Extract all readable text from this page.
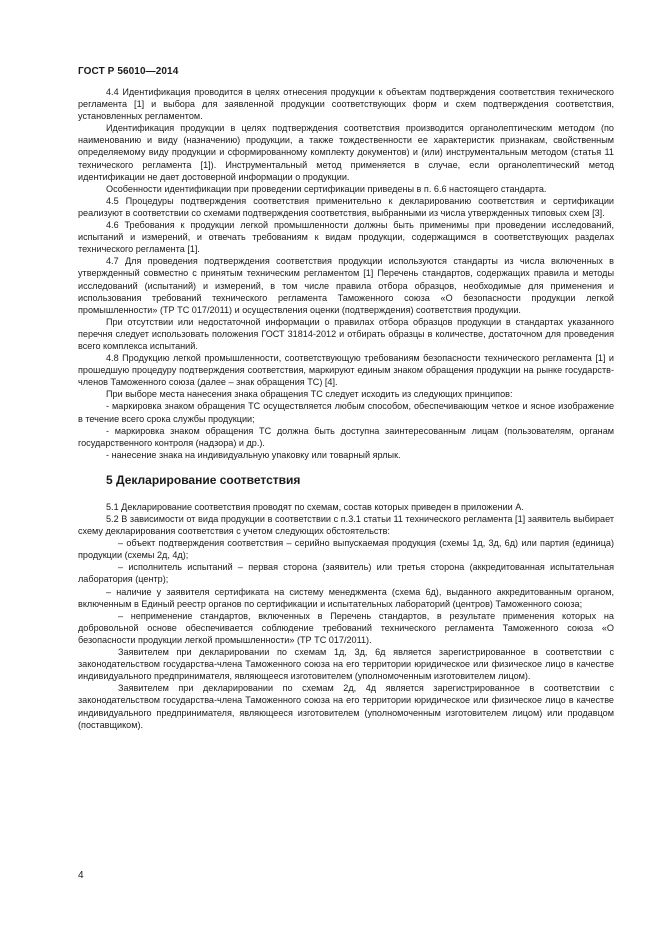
ГОСТ Р 56010—2014

4.4 Идентификация проводится в целях отнесения продукции к объектам подтверждения соответствия технического регламента [1] и выбора для заявленной продукции соответствующих форм и схем подтверждения соответствия, установленных регламентом.

Идентификация продукции в целях подтверждения соответствия производится органолептическим методом (по наименованию и виду (назначению) продукции, а также тождественности ее характеристик признакам, свойственным определяемому виду продукции и сформированному комплекту документов) и (или) инструментальным методом (статья 11 технического регламента [1]). Инструментальный метод применяется в случае, если органолептический метод идентификации не дает достоверной информации о продукции.

Особенности идентификации при проведении сертификации приведены в п. 6.6 настоящего стандарта.

4.5 Процедуры подтверждения соответствия применительно к декларированию соответствия и сертификации реализуют в соответствии со схемами подтверждения соответствия, выбранными из числа утвержденных типовых схем [3].

4.6 Требования к продукции легкой промышленности должны быть применимы при проведении исследований, испытаний и измерений, и отвечать требованиям к видам продукции, содержащимся в соответствующих разделах технического регламента [1].

4.7 Для проведения подтверждения соответствия продукции используются стандарты из числа включенных в утвержденный совместно с принятым техническим регламентом [1] Перечень стандартов, содержащих правила и методы исследований (испытаний) и измерений, в том числе правила отбора образцов, необходимые для применения и использования требований технического регламента Таможенного союза «О безопасности продукции легкой промышленности» (ТР ТС 017/2011) и осуществления оценки (подтверждения) соответствия продукции.

При отсутствии или недостаточной информации о правилах отбора образцов продукции в стандартах указанного перечня следует использовать положения ГОСТ 31814-2012 и отбирать образцы в количестве, достаточном для проведения всего комплекса испытаний.

4.8 Продукцию легкой промышленности, соответствующую требованиям безопасности технического регламента [1] и прошедшую процедуру подтверждения соответствия, маркируют единым знаком обращения продукции на рынке государств-членов Таможенного союза (далее – знак обращения ТС) [4].

При выборе места нанесения знака обращения ТС следует исходить из следующих принципов:

- маркировка знаком обращения ТС осуществляется любым способом, обеспечивающим четкое и ясное изображение в течение всего срока службы продукции;

- маркировка знаком обращения ТС должна быть доступна заинтересованным лицам (пользователям, органам государственного контроля (надзора) и др.).

- нанесение знака на индивидуальную упаковку или товарный ярлык.

5 Декларирование соответствия

5.1 Декларирование соответствия проводят по схемам, состав которых приведен в приложении А.

5.2 В зависимости от вида продукции в соответствии с п.3.1 статьи 11 технического регламента [1] заявитель выбирает схему декларирования соответствия с учетом следующих обстоятельств:

– объект подтверждения соответствия – серийно выпускаемая продукция (схемы 1д, 3д, 6д) или партия (единица) продукции (схемы 2д, 4д);

– исполнитель испытаний – первая сторона (заявитель) или третья сторона (аккредитованная испытательная лаборатория (центр);

– наличие у заявителя сертификата на систему менеджмента (схема 6д), выданного аккредитованным органом, включенным в Единый реестр органов по сертификации и испытательных лабораторий (центров) Таможенного союза;

– неприменение стандартов, включенных в Перечень стандартов, в результате применения которых на добровольной основе обеспечивается соблюдение требований технического регламента Таможенного союза «О безопасности продукции легкой промышленности» (ТР ТС 017/2011).

Заявителем при декларировании по схемам 1д, 3д, 6д является зарегистрированное в соответствии с законодательством государства-члена Таможенного союза на его территории юридическое или физическое лицо в качестве индивидуального предпринимателя, являющееся изготовителем (уполномоченным изготовителем лицом).

Заявителем при декларировании по схемам 2д, 4д является зарегистрированное в соответствии с законодательством государства-члена Таможенного союза на его территории юридическое или физическое лицо в качестве индивидуального предпринимателя, являющееся изготовителем (уполномоченным изготовителем лицом) или продавцом (поставщиком).

4
